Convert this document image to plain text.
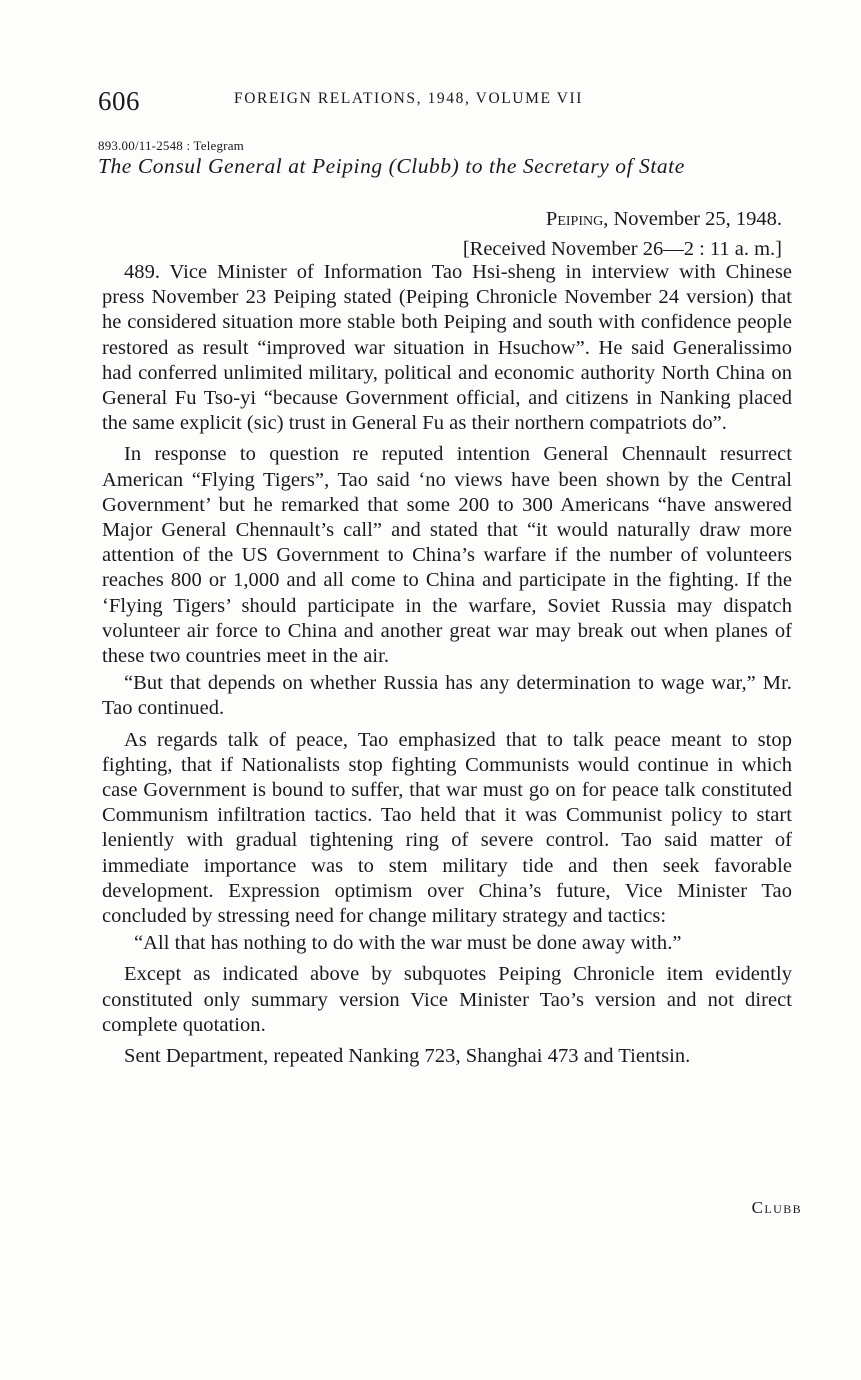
606	FOREIGN RELATIONS, 1948, VOLUME VII
893.00/11-2548 : Telegram
The Consul General at Peiping (Clubb) to the Secretary of State
Peiping, November 25, 1948.
[Received November 26—2 : 11 a. m.]

489. Vice Minister of Information Tao Hsi-sheng in interview with Chinese press November 23 Peiping stated (Peiping Chronicle November 24 version) that he considered situation more stable both Peiping and south with confidence people restored as result “improved war situation in Hsuchow”. He said Generalissimo had conferred unlimited military, political and economic authority North China on General Fu Tso-yi “because Government official, and citizens in Nanking placed the same explicit (sic) trust in General Fu as their northern compatriots do”.

In response to question re reputed intention General Chennault resurrect American “Flying Tigers”, Tao said ‘no views have been shown by the Central Government’ but he remarked that some 200 to 300 Americans “have answered Major General Chennault’s call” and stated that “it would naturally draw more attention of the US Government to China’s warfare if the number of volunteers reaches 800 or 1,000 and all come to China and participate in the fighting. If the ‘Flying Tigers’ should participate in the warfare, Soviet Russia may dispatch volunteer air force to China and another great war may break out when planes of these two countries meet in the air.

“But that depends on whether Russia has any determination to wage war,” Mr. Tao continued.

As regards talk of peace, Tao emphasized that to talk peace meant to stop fighting, that if Nationalists stop fighting Communists would continue in which case Government is bound to suffer, that war must go on for peace talk constituted Communism infiltration tactics. Tao held that it was Communist policy to start leniently with gradual tightening ring of severe control. Tao said matter of immediate importance was to stem military tide and then seek favorable development. Expression optimism over China’s future, Vice Minister Tao concluded by stressing need for change military strategy and tactics:

“All that has nothing to do with the war must be done away with.”

Except as indicated above by subquotes Peiping Chronicle item evidently constituted only summary version Vice Minister Tao’s version and not direct complete quotation.

Sent Department, repeated Nanking 723, Shanghai 473 and Tientsin.

Clubb
